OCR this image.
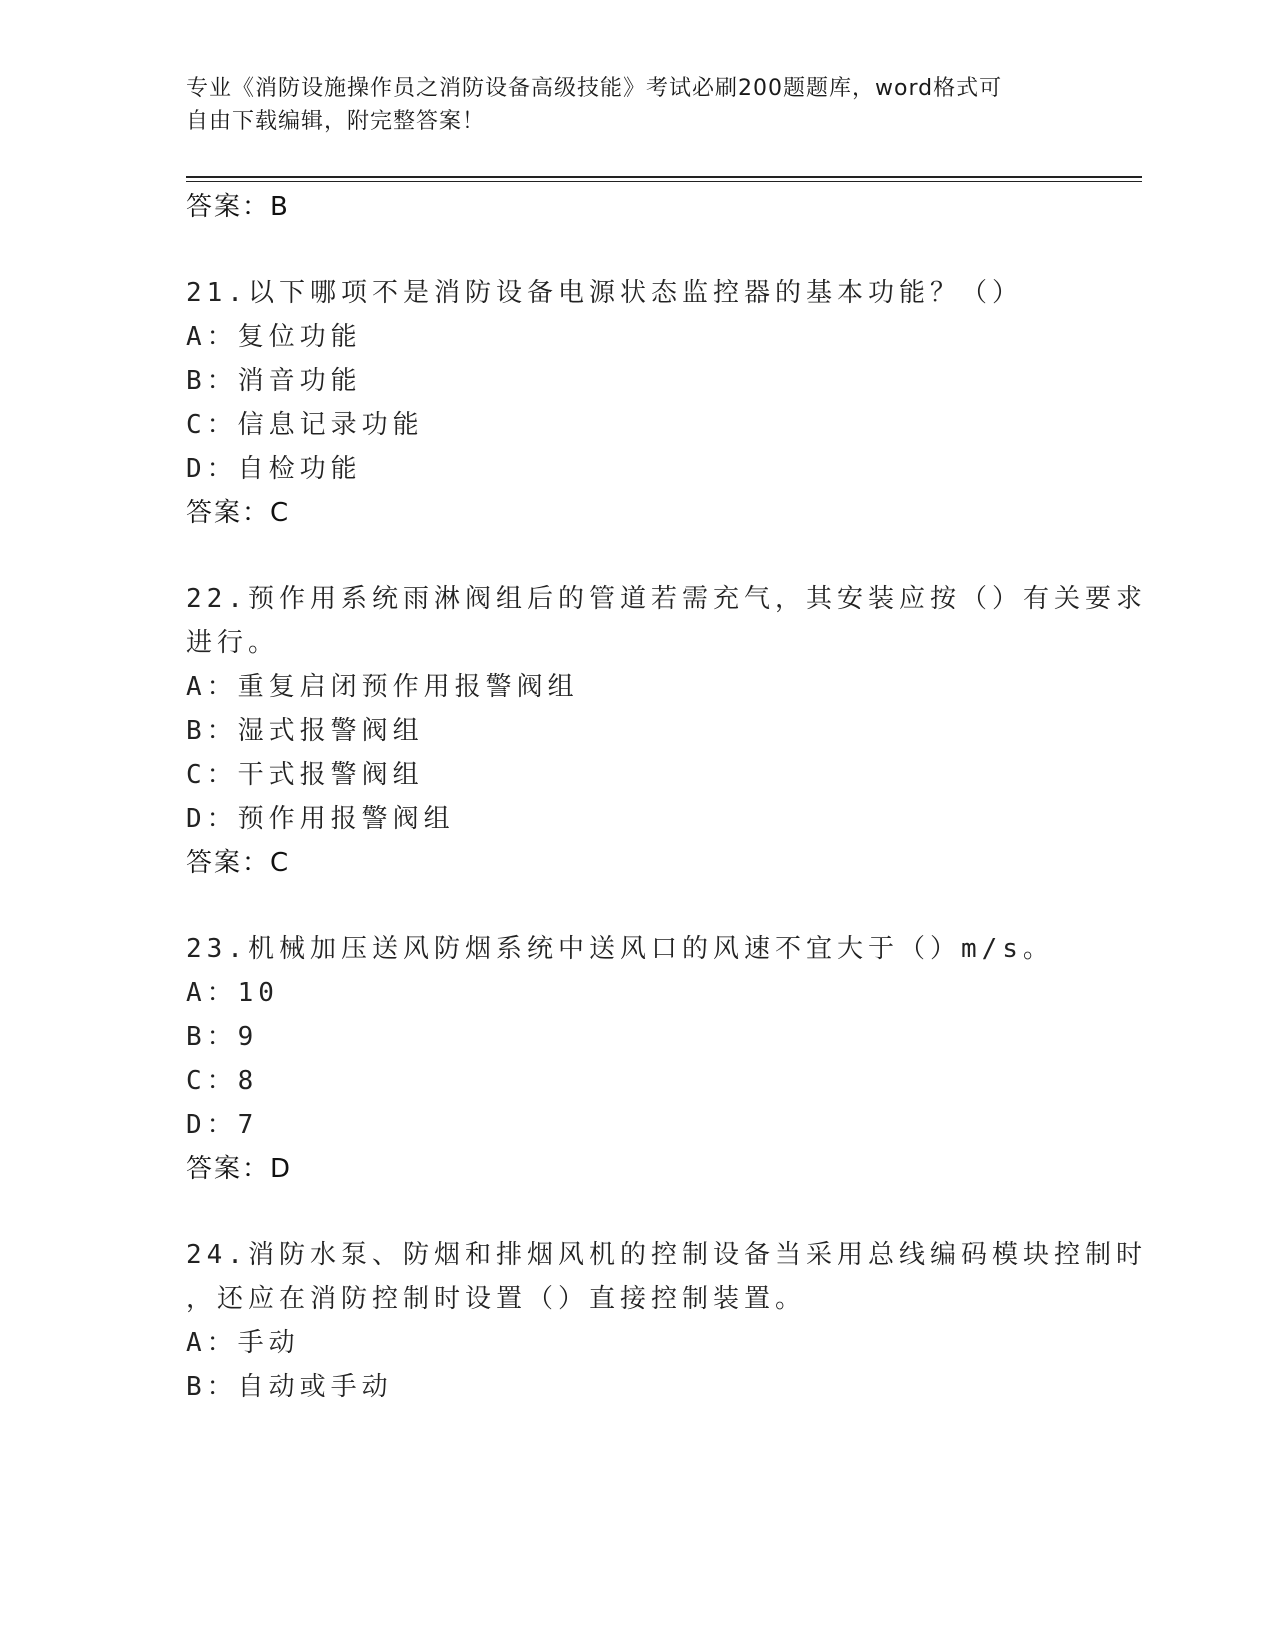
专业《消防设施操作员之消防设备高级技能》考试必刷200题题库，word格式可
自由下载编辑，附完整答案！
答案：B
21.以下哪项不是消防设备电源状态监控器的基本功能？（）
A：复位功能
B：消音功能
C：信息记录功能
D：自检功能
答案：C
22.预作用系统雨淋阀组后的管道若需充气，其安装应按（）有关要求
进行。
A：重复启闭预作用报警阀组
B：湿式报警阀组
C：干式报警阀组
D：预作用报警阀组
答案：C
23.机械加压送风防烟系统中送风口的风速不宜大于（）m/s。
A：10
B：9
C：8
D：7
答案：D
24.消防水泵、防烟和排烟风机的控制设备当采用总线编码模块控制时
，还应在消防控制时设置（）直接控制装置。
A：手动
B：自动或手动
